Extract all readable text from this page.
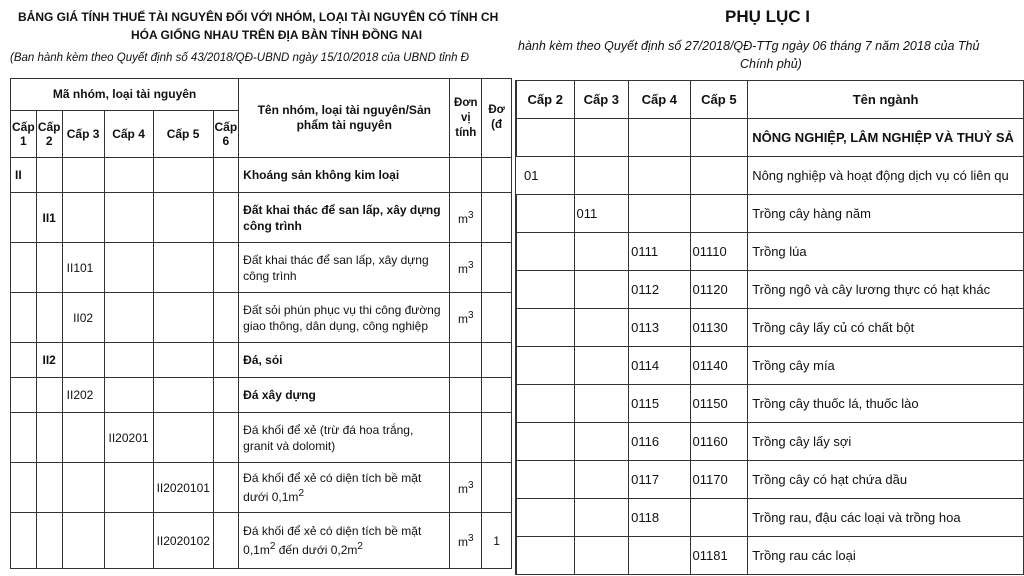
BẢNG GIÁ TÍNH THUẾ TÀI NGUYÊN ĐỐI VỚI NHÓM, LOẠI TÀI NGUYÊN CÓ TÍNH CH
HÓA GIỐNG NHAU TRÊN ĐỊA BÀN TỈNH ĐỒNG NAI
(Ban hành kèm theo Quyết định số 43/2018/QĐ-UBND ngày 15/10/2018 của UBND tỉnh Đ
Mã nhóm, loại tài nguyên						Tên nhóm, loại tài nguyên/Sản phẩm tài nguyên	Đơn vị tính	Đơ (đ
Cấp 1	Cấp 2	Cấp 3	Cấp 4	Cấp 5	Cấp 6			
II						Khoáng sản không kim loại		
	II1					Đất khai thác để san lấp, xây dựng công trình	$m^3$	
		II101				Đất khai thác để san lấp, xây dựng công trình	$m^3$	
		II02				Đất sỏi phún phục vụ thi công đường giao thông, dân dụng, công nghiệp	$m^3$	
	II2					Đá, sỏi		
		II202				Đá xây dựng		
			II20201			Đá khối để xẻ (trừ đá hoa trắng, granit và dolomit)		
				II2020101		Đá khối để xẻ có diện tích bề mặt dưới $0,1m^2$	$m^3$	
				II2020102		Đá khối để xẻ có diện tích bề mặt $0,1m^2$ đến dưới $0,2m^2$	$m^3$	1
PHỤ LỤC I
hành kèm theo Quyết định số 27/2018/QĐ-TTg ngày 06 tháng 7 năm 2018 của Thủ
Chính phủ)
	Cấp 2	Cấp 3	Cấp 4	Cấp 5	Tên ngành
					NÔNG NGHIỆP, LÂM NGHIỆP VÀ THUỶ SẢ
01				Nông nghiệp và hoạt động dịch vụ có liên qu
		011			Trồng cây hàng năm
			0111	01110	Trồng lúa
			0112	01120	Trồng ngô và cây lương thực có hạt khác
			0113	01130	Trồng cây lấy củ có chất bột
			0114	01140	Trồng cây mía
			0115	01150	Trồng cây thuốc lá, thuốc lào
			0116	01160	Trồng cây lấy sợi
			0117	01170	Trồng cây có hạt chứa dầu
			0118		Trồng rau, đậu các loại và trồng hoa
				01181	Trồng rau các loại
